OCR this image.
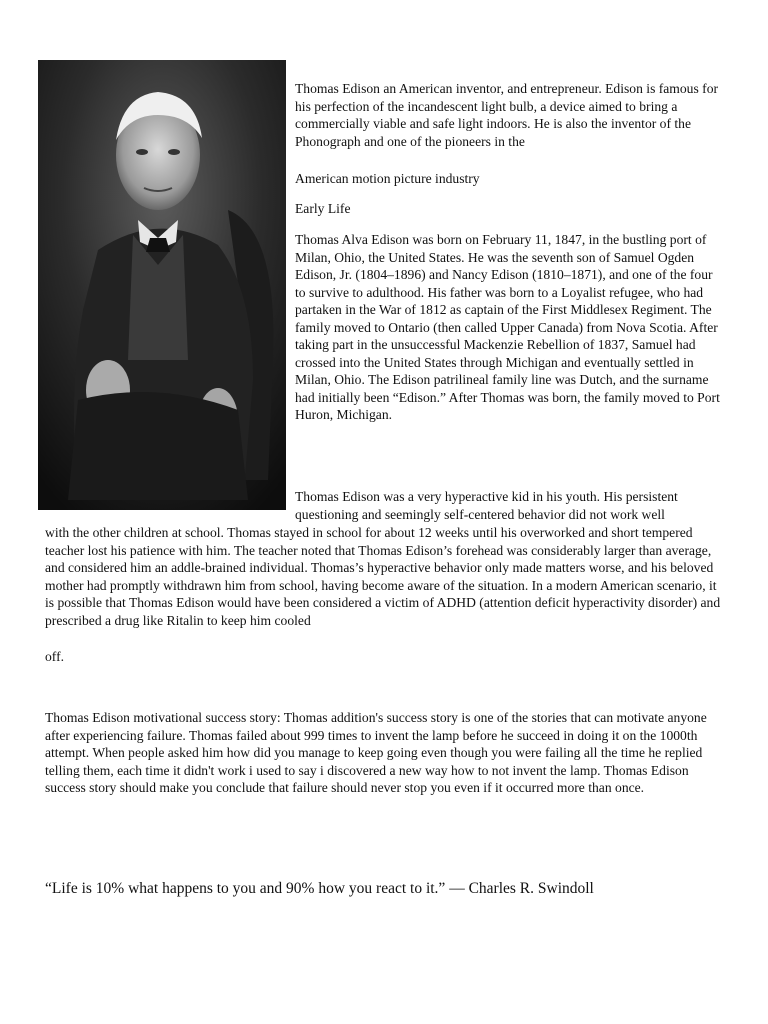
Thomas Edison an American inventor, and entrepreneur. Edison is famous for his perfection of the incandescent light bulb, a device aimed to bring a commercially viable and safe light indoors. He is also the inventor of the Phonograph and one of the pioneers in the

American motion picture industry

Early Life

Thomas Alva Edison was born on February 11, 1847, in the bustling port of Milan, Ohio, the United States. He was the seventh son of Samuel Ogden Edison, Jr. (1804–1896) and Nancy Edison (1810–1871), and one of the four to survive to adulthood. His father was born to a Loyalist refugee, who had partaken in the War of 1812 as captain of the First Middlesex Regiment. The family moved to Ontario (then called Upper Canada) from Nova Scotia. After taking part in the unsuccessful Mackenzie Rebellion of 1837, Samuel had crossed into the United States through Michigan and eventually settled in Milan, Ohio. The Edison patrilineal family line was Dutch, and the surname had initially been “Edison.” After Thomas was born, the family moved to Port Huron, Michigan.

Thomas Edison was a very hyperactive kid in his youth. His persistent questioning and seemingly self-centered behavior did not work well

with the other children at school. Thomas stayed in school for about 12 weeks until his overworked and short tempered teacher lost his patience with him. The teacher noted that Thomas Edison’s forehead was considerably larger than average, and considered him an addle-brained individual. Thomas’s hyperactive behavior only made matters worse, and his beloved mother had promptly withdrawn him from school, having become aware of the situation. In a modern American scenario, it is possible that Thomas Edison would have been considered a victim of ADHD (attention deficit hyperactivity disorder) and prescribed a drug like Ritalin to keep him cooled

off.

Thomas Edison motivational success story: Thomas addition's success story is one of the stories that can motivate anyone after experiencing failure. Thomas failed about 999 times to invent the lamp before he succeed in doing it on the 1000th attempt. When people asked him how did you manage to keep going even though you were failing all the time he replied telling them, each time it didn't work i used to say i discovered a new way how to not invent the lamp. Thomas Edison success story should make you conclude that failure should never stop you even if it occurred more than once.

“Life is 10% what happens to you and 90% how you react to it.” — Charles R. Swindoll
